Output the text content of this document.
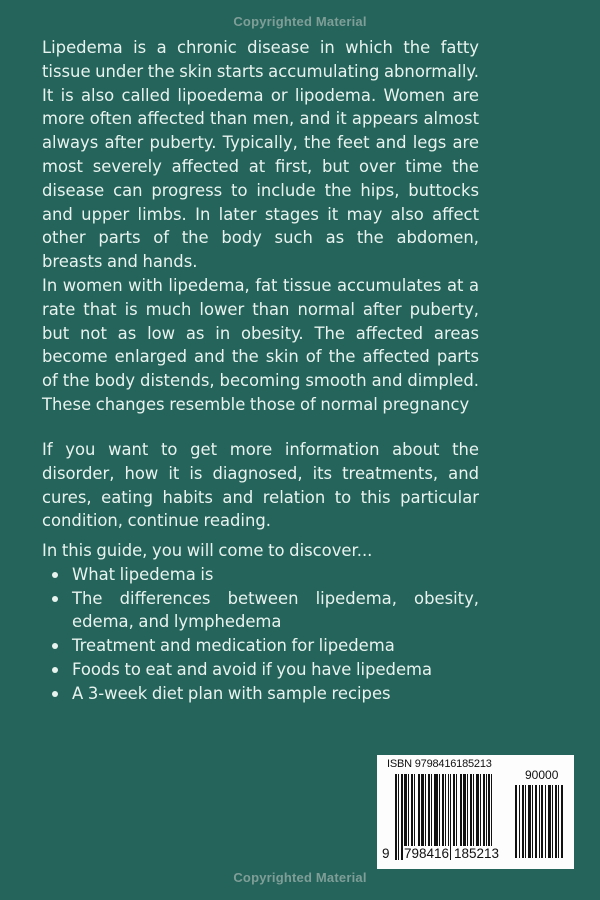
Copyrighted Material

Lipedema is a chronic disease in which the fatty tissue under the skin starts accumulating abnormally. It is also called lipoedema or lipodema. Women are more often affected than men, and it appears almost always after puberty. Typically, the feet and legs are most severely affected at first, but over time the disease can progress to include the hips, buttocks and upper limbs. In later stages it may also affect other parts of the body such as the abdomen, breasts and hands.

In women with lipedema, fat tissue accumulates at a rate that is much lower than normal after puberty, but not as low as in obesity. The affected areas become enlarged and the skin of the affected parts of the body distends, becoming smooth and dimpled. These changes resemble those of normal pregnancy

If you want to get more information about the disorder, how it is diagnosed, its treatments, and cures, eating habits and relation to this particular condition, continue reading.

In this guide, you will come to discover...

What lipedema is
The differences between lipedema, obesity, edema, and lymphedema
Treatment and medication for lipedema
Foods to eat and avoid if you have lipedema
A 3-week diet plan with sample recipes
ISBN 9798416185213
90000
9 798416 185213
Copyrighted Material
